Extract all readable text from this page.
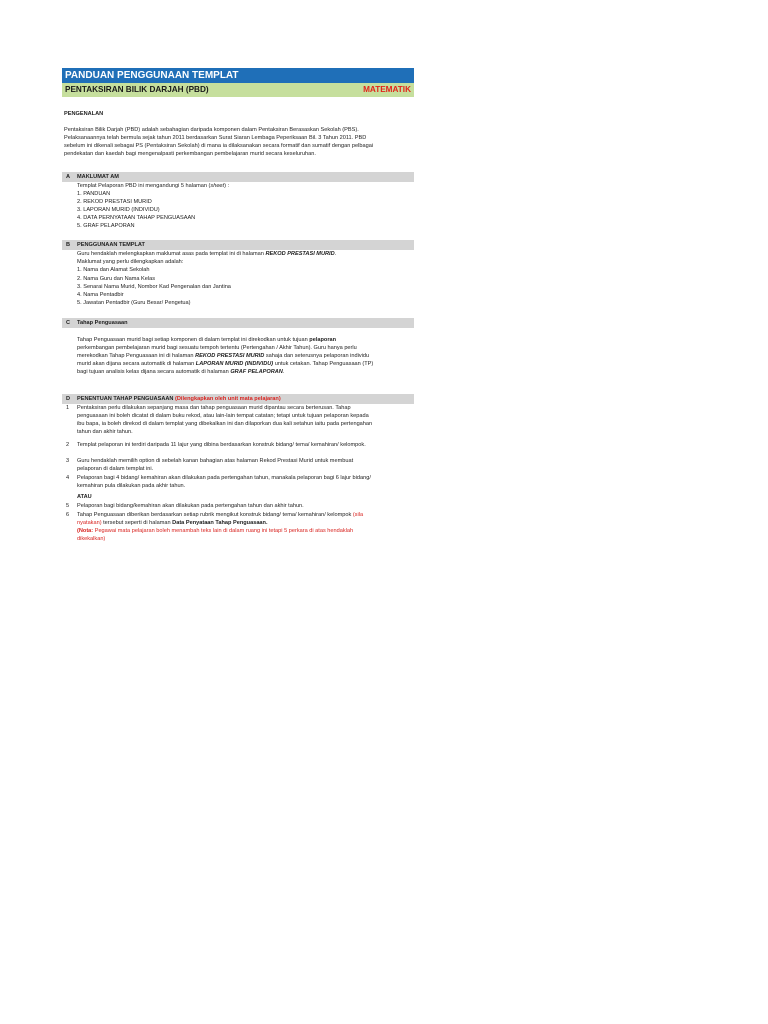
PANDUAN PENGGUNAAN TEMPLAT
PENTAKSIRAN BILIK DARJAH (PBD)	MATEMATIK
PENGENALAN
Pentaksiran Bilik Darjah (PBD) adalah sebahagian daripada komponen dalam Pentaksiran Berasaskan Sekolah (PBS).
Pelaksanaannya telah bermula sejak tahun 2011 berdasarkan Surat Siaran Lembaga Peperiksaan Bil. 3 Tahun 2011. PBD
sebelum ini dikenali sebagai PS (Pentaksiran Sekolah) di mana ia dilaksanakan secara formatif dan sumatif dengan pelbagai
pendekatan dan kaedah bagi mengenalpasti perkembangan pembelajaran murid secara keseluruhan.
A	MAKLUMAT AM
Templat Pelaporan PBD ini mengandungi 5 halaman (sheet) :
1. PANDUAN
2. REKOD PRESTASI MURID
3. LAPORAN MURID (INDIVIDU)
4. DATA PERNYATAAN TAHAP PENGUASAAN
5. GRAF PELAPORAN
B	PENGGUNAAN TEMPLAT
Guru hendaklah melengkapkan maklumat asas pada templat ini di halaman REKOD PRESTASI MURID.
Maklumat yang perlu dilengkapkan adalah:
1. Nama dan Alamat Sekolah
2. Nama Guru dan Nama Kelas
3. Senarai Nama Murid, Nombor Kad Pengenalan dan Jantina
4. Nama Pentadbir
5. Jawatan Pentadbir (Guru Besar/ Pengetua)
C	Tahap Penguasaan
Tahap Penguasaan murid bagi setiap komponen di dalam templat ini direkodkan untuk tujuan pelaporan
perkembangan pembelajaran murid bagi sesuatu tempoh tertentu (Pertengahan / Akhir Tahun). Guru hanya perlu
merekodkan Tahap Penguasaan ini di halaman REKOD PRESTASI MURID sahaja dan seterusnya pelaporan individu
murid akan dijana secara automatik di halaman LAPORAN MURID (INDIVIDU) untuk cetakan. Tahap Penguasaan (TP)
bagi tujuan analisis kelas dijana secara automatik di halaman GRAF PELAPORAN.
D	PENENTUAN TAHAP PENGUASAAN (Dilengkapkan oleh unit mata pelajaran)
1	Pentaksiran perlu dilakukan sepanjang masa dan tahap penguasaan murid dipantau secara berterusan. Tahap
penguasaan ini boleh dicatat di dalam buku rekod, atau lain-lain tempat catatan; tetapi untuk tujuan pelaporan kepada
ibu bapa, ia boleh direkod di dalam templat yang dibekalkan ini dan dilaporkan dua kali setahun iaitu pada pertengahan
tahun dan akhir tahun.
2	Templat pelaporan ini terdiri daripada 11 lajur yang dibina berdasarkan konstruk bidang/ tema/ kemahiran/ kelompok.
3	Guru hendaklah memilih option di sebelah kanan bahagian atas halaman Rekod Prestasi Murid untuk membuat
pelaporan di dalam templat ini.
4	Pelaporan bagi 4 bidang/ kemahiran akan dilakukan pada pertengahan tahun, manakala pelaporan bagi 6 lajur bidang/
kemahiran pula dilakukan pada akhir tahun.
ATAU
5	Pelaporan bagi bidang/kemahiran akan dilakukan pada pertengahan tahun dan akhir tahun.
6	Tahap Penguasaan diberikan berdasarkan setiap rubrik mengikut konstruk bidang/ tema/ kemahiran/ kelompok (sila
nyatakan) tersebut seperti di halaman Data Penyataan Tahap Penguasaan.
(Nota: Pegawai mata pelajaran boleh menambah teks lain di dalam ruang ini tetapi 5 perkara di atas hendaklah
dikekalkan)
